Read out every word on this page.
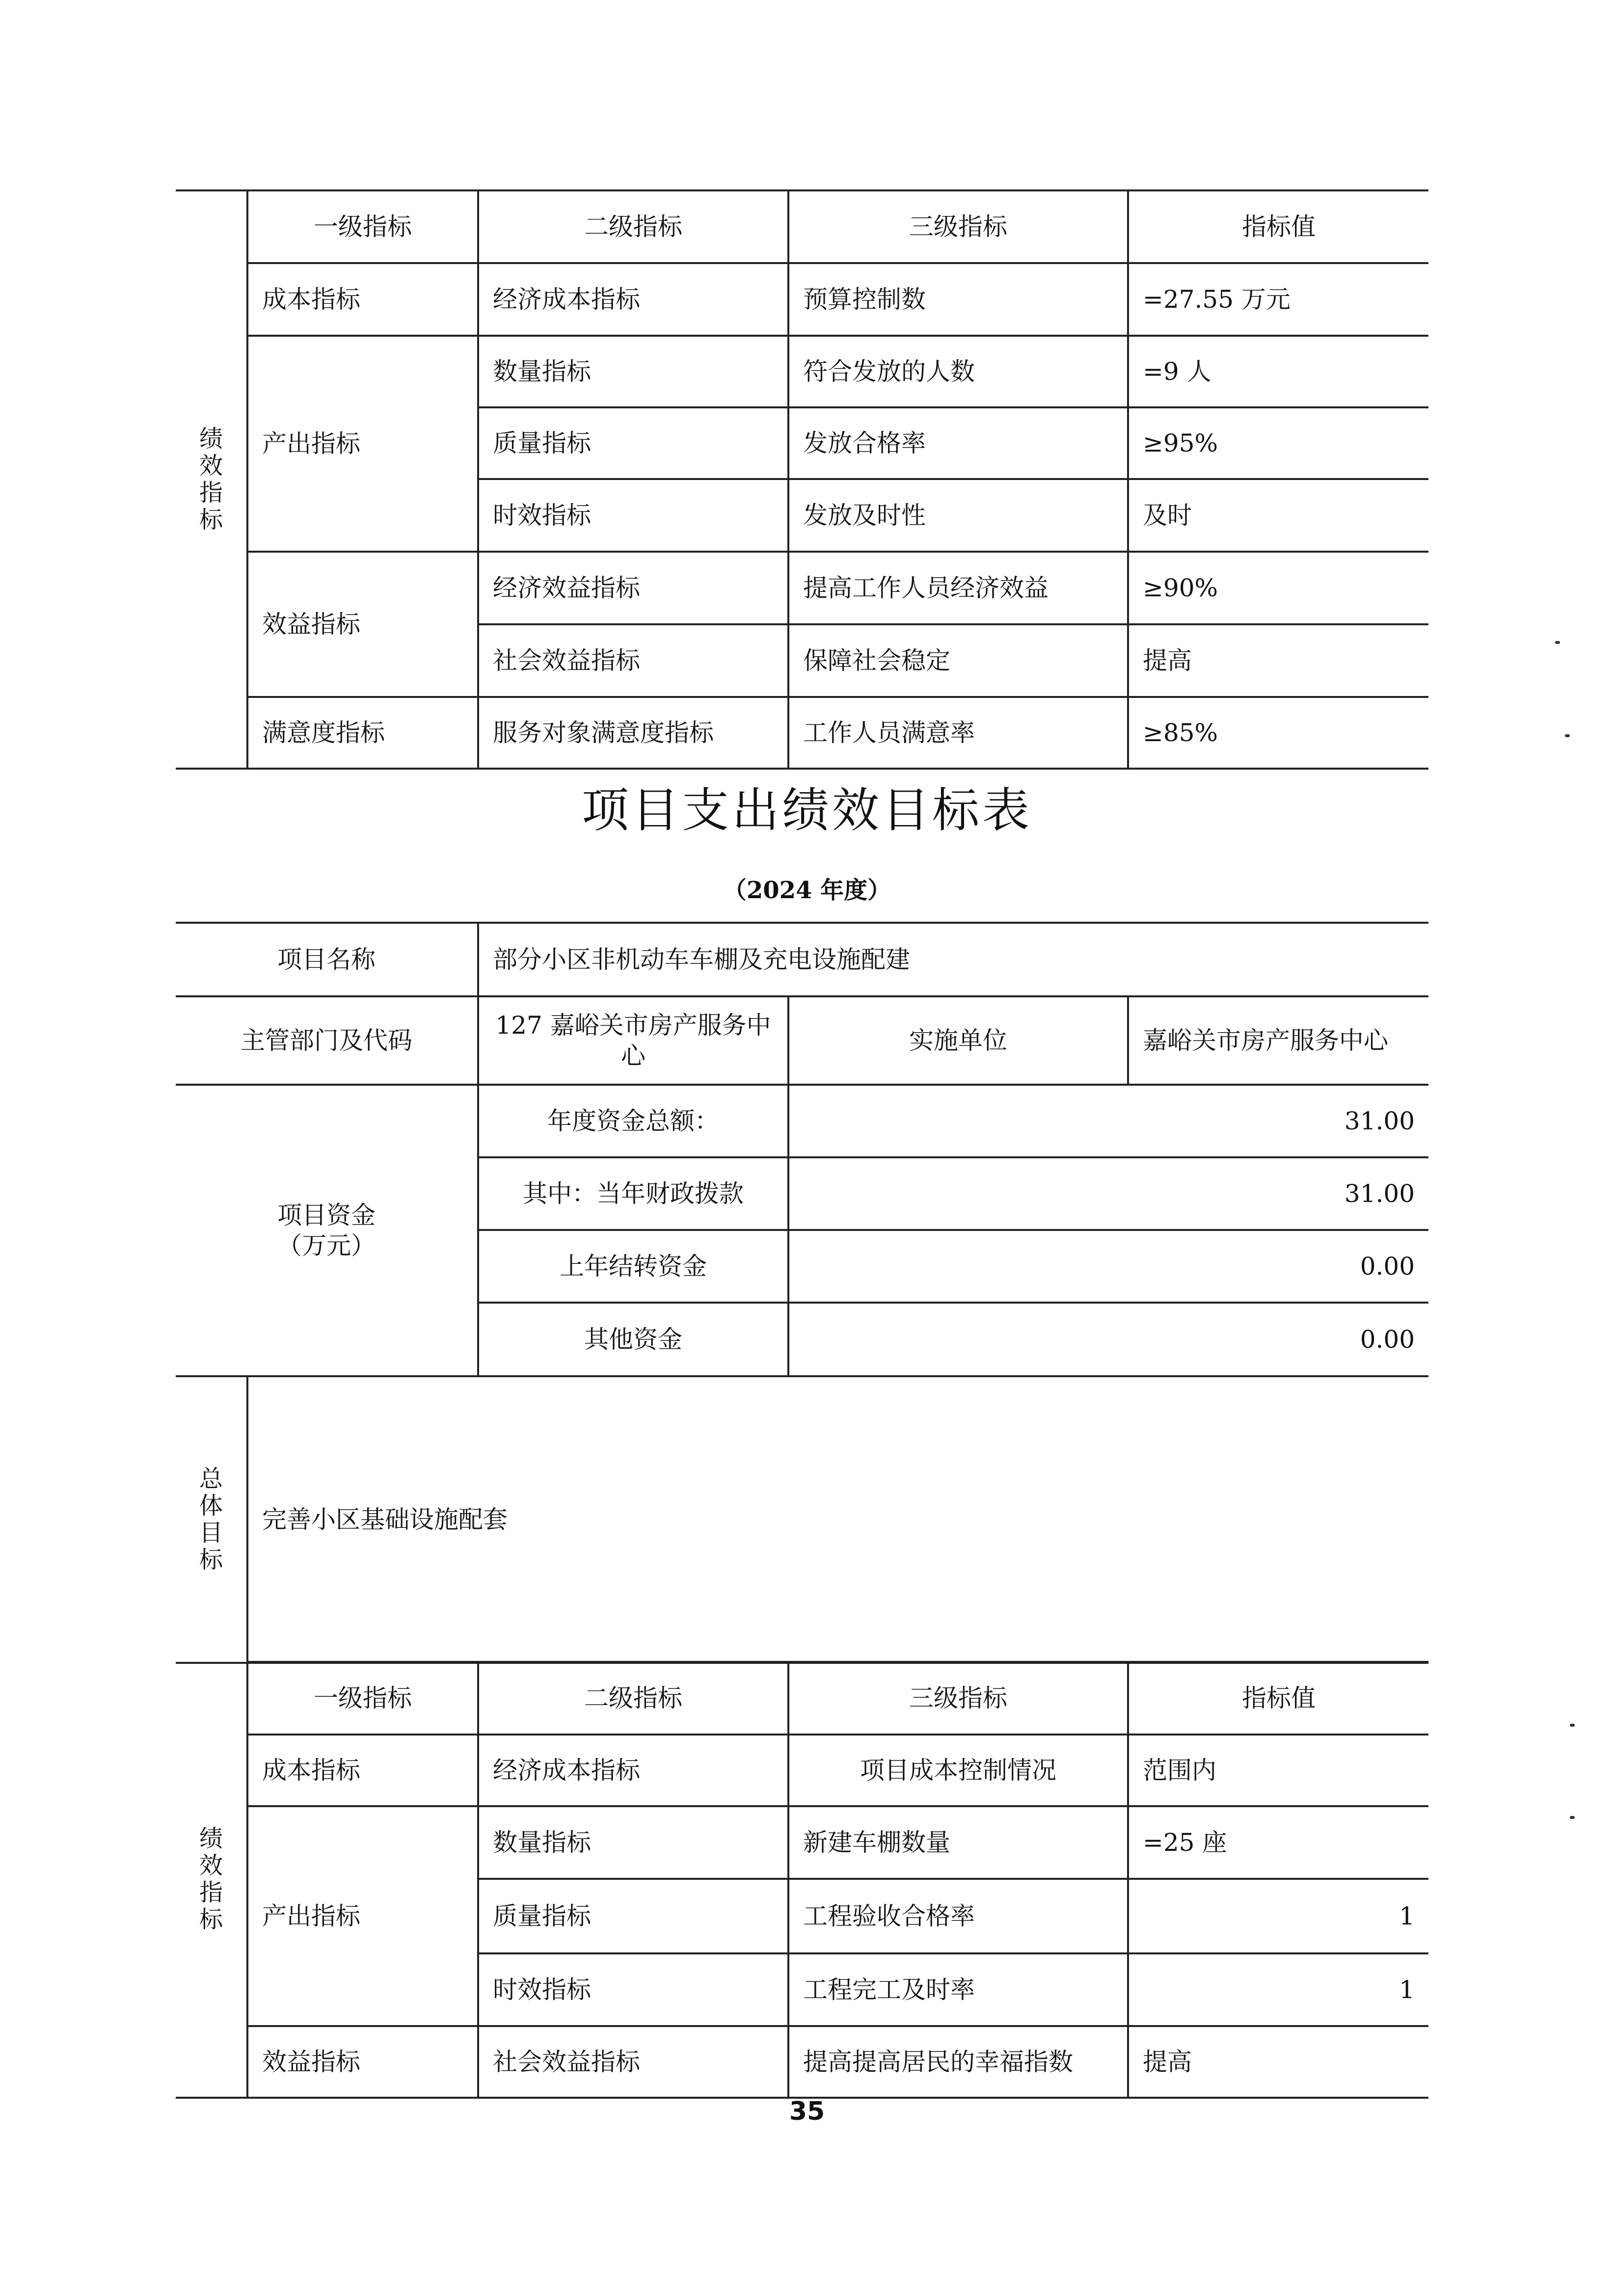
绩
效
指
标	一级指标	二级指标	三级指标	指标值
	成本指标	经济成本指标	预算控制数	=27.55 万元
	产出指标	数量指标	符合发放的人数	=9 人
		质量指标	发放合格率	≥95%
		时效指标	发放及时性	及时
	效益指标	经济效益指标	提高工作人员经济效益	≥90%
		社会效益指标	保障社会稳定	提高
	满意度指标	服务对象满意度指标	工作人员满意率	≥85%
项目支出绩效目标表
（2024 年度）
项目名称		部分小区非机动车车棚及充电设施配建		
主管部门及代码		127 嘉峪关市房产服务中心	实施单位	嘉峪关市房产服务中心

项目资金
（万元）		年度资金总额：	31.00	
		其中：当年财政拨款	31.00	
		上年结转资金	0.00	
		其他资金	0.00	

总
体
目
标	完善小区基础设施配套			
绩
效
指
标	一级指标	二级指标	三级指标	指标值
	成本指标	经济成本指标	项目成本控制情况	范围内
	产出指标	数量指标	新建车棚数量	=25 座
		质量指标	工程验收合格率	1
		时效指标	工程完工及时率	1
	效益指标	社会效益指标	提高提高居民的幸福指数	提高
35
